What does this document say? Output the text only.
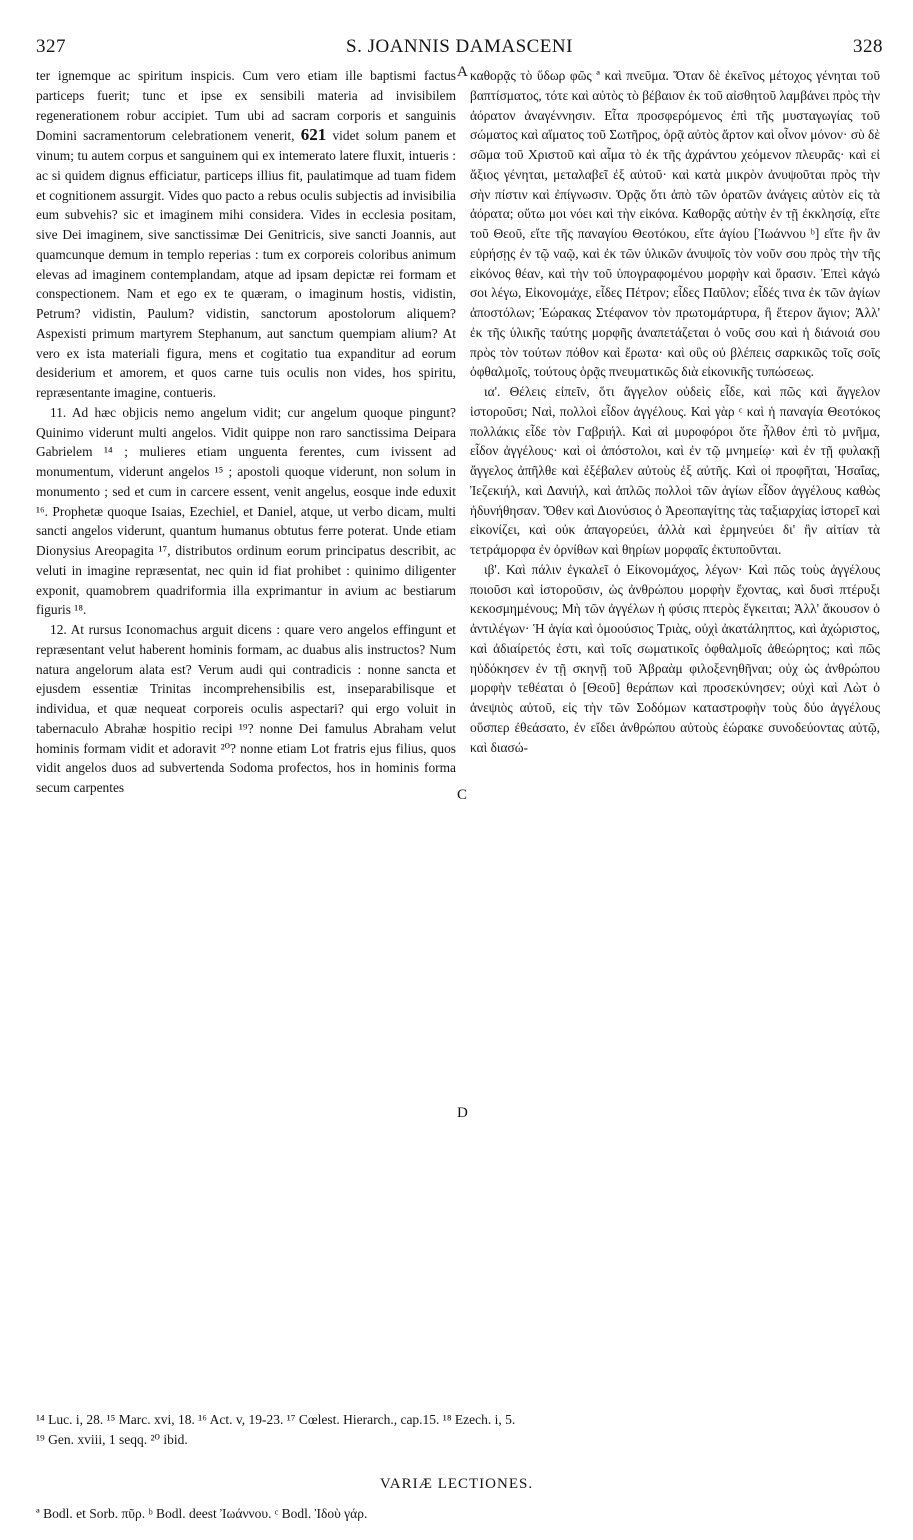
327	S. JOANNIS DAMASCENI	328

ter ignemque ac spiritum inspicis. Cum vero etiam ille baptismi factus particeps fuerit; tunc et ipse ex sensibili materia ad invisibilem regenerationem robur accipiet. Tum ubi ad sacram corporis et sanguinis Domini sacramentorum celebrationem venerit, 621 videt solum panem et vinum; tu autem corpus et sanguinem qui ex intemerato latere fluxit, intueris : ac si quidem dignus efficiatur, particeps illius fit, paulatimque ad tuam fidem et cognitionem assurgit. Vides quo pacto a rebus oculis subjectis ad invisibilia eum subvehis? sic et imaginem mihi considera. Vides in ecclesia positam, sive Dei imaginem, sive sanctissimæ Dei Genitricis, sive sancti Joannis, aut quamcunque demum in templo reperias : tum ex corporeis coloribus animum elevas ad imaginem contemplandam, atque ad ipsam depictæ rei formam et conspectionem. Nam et ego ex te quæram, o imaginum hostis, vidistin, Petrum? vidistin, Paulum? vidistin, sanctorum apostolorum aliquem? Aspexisti primum martyrem Stephanum, aut sanctum quempiam alium? At vero ex ista materiali figura, mens et cogitatio tua expanditur ad eorum desiderium et amorem, et quos carne tuis oculis non vides, hos spiritu, repræsentante imagine, contueris.

11. Ad hæc objicis nemo angelum vidit; cur angelum quoque pingunt? Quinimo viderunt multi angelos. Vidit quippe non raro sanctissima Deipara Gabrielem ¹⁴ ; mulieres etiam unguenta ferentes, cum ivissent ad monumentum, viderunt angelos ¹⁵ ; apostoli quoque viderunt, non solum in monumento ; sed et cum in carcere essent, venit angelus, eosque inde eduxit ¹⁶. Prophetæ quoque Isaias, Ezechiel, et Daniel, atque, ut verbo dicam, multi sancti angelos viderunt, quantum humanus obtutus ferre poterat. Unde etiam Dionysius Areopagita ¹⁷, distributos ordinum eorum principatus describit, ac veluti in imagine repræsentat, nec quin id fiat prohibet : quinimo diligenter exponit, quamobrem quadriformia illa exprimantur in avium ac bestiarum figuris ¹⁸.

12. At rursus Iconomachus arguit dicens : quare vero angelos effingunt et repræsentant velut haberent hominis formam, ac duabus alis instructos? Num natura angelorum alata est? Verum audi qui contradicis : nonne sancta et ejusdem essentiæ Trinitas incomprehensibilis est, inseparabilisque et individua, et quæ nequeat corporeis oculis aspectari? qui ergo voluit in tabernaculo Abrahæ hospitio recipi ¹⁹? nonne Dei famulus Abraham velut hominis formam vidit et adoravit ²⁰? nonne etiam Lot fratris ejus filius, quos vidit angelos duos ad subvertenda Sodoma profectos, hos in hominis forma secum carpentes

A
C
D

καθορᾷς τὸ ὕδωρ φῶς ª καὶ πνεῦμα. Ὅταν δὲ ἐκεῖνος μέτοχος γένηται τοῦ βαπτίσματος, τότε καὶ αὐτὸς τὸ βέβαιον ἐκ τοῦ αἰσθητοῦ λαμβάνει πρὸς τὴν ἀόρατον ἀναγέννησιν. Εἶτα προσφερόμενος ἐπὶ τῆς μυσταγωγίας τοῦ σώματος καὶ αἵματος τοῦ Σωτῆρος, ὁρᾷ αὐτὸς ἄρτον καὶ οἶνον μόνον· σὺ δὲ σῶμα τοῦ Χριστοῦ καὶ αἷμα τὸ ἐκ τῆς ἀχράντου χεόμενον πλευρᾶς· καὶ εἰ ἄξιος γένηται, μεταλαβεῖ ἐξ αὐτοῦ· καὶ κατὰ μικρὸν ἀνυψοῦται πρὸς τὴν σὴν πίστιν καὶ ἐπίγνωσιν. Ὁρᾷς ὅτι ἀπὸ τῶν ὁρατῶν ἀνάγεις αὐτὸν εἰς τὰ ἀόρατα; οὕτω μοι νόει καὶ τὴν εἰκόνα. Καθορᾷς αὐτὴν ἐν τῇ ἐκκλησίᾳ, εἴτε τοῦ Θεοῦ, εἴτε τῆς παναγίου Θεοτόκου, εἴτε ἁγίου [Ἰωάννου ᵇ] εἴτε ἣν ἂν εὑρήσῃς ἐν τῷ ναῷ, καὶ ἐκ τῶν ὑλικῶν ἀνυψοῖς τὸν νοῦν σου πρὸς τὴν τῆς εἰκόνος θέαν, καὶ τὴν τοῦ ὑπογραφομένου μορφὴν καὶ ὅρασιν. Ἐπεὶ κἀγώ σοι λέγω, Εἰκονομάχε, εἶδες Πέτρον; εἶδες Παῦλον; εἶδές τινα ἐκ τῶν ἁγίων ἀποστόλων; Ἑώρακας Στέφανον τὸν πρωτομάρτυρα, ἢ ἕτερον ἅγιον; Ἀλλ' ἐκ τῆς ὑλικῆς ταύτης μορφῆς ἀναπετάζεται ὁ νοῦς σου καὶ ἡ διάνοιά σου πρὸς τὸν τούτων πόθον καὶ ἔρωτα· καὶ οὓς οὐ βλέπεις σαρκικῶς τοῖς σοῖς ὀφθαλμοῖς, τούτους ὁρᾷς πνευματικῶς διὰ εἰκονικῆς τυπώσεως.

ια'. Θέλεις εἰπεῖν, ὅτι ἄγγελον οὐδεὶς εἶδε, καὶ πῶς καὶ ἄγγελον ἱστοροῦσι; Ναὶ, πολλοὶ εἶδον ἀγγέλους. Καὶ γὰρ ᶜ καὶ ἡ παναγία Θεοτόκος πολλάκις εἶδε τὸν Γαβριήλ. Καὶ αἱ μυροφόροι ὅτε ἦλθον ἐπὶ τὸ μνῆμα, εἶδον ἀγγέλους· καὶ οἱ ἀπόστολοι, καὶ ἐν τῷ μνημείῳ· καὶ ἐν τῇ φυλακῇ ἄγγελος ἀπῆλθε καὶ ἐξέβαλεν αὐτοὺς ἐξ αὐτῆς. Καὶ οἱ προφῆται, Ἡσαΐας, Ἰεζεκιήλ, καὶ Δανιήλ, καὶ ἁπλῶς πολλοὶ τῶν ἁγίων εἶδον ἀγγέλους καθὼς ἠδυνήθησαν. Ὅθεν καὶ Διονύσιος ὁ Ἀρεοπαγίτης τὰς ταξιαρχίας ἱστορεῖ καὶ εἰκονίζει, καὶ οὐκ ἀπαγορεύει, ἀλλὰ καὶ ἑρμηνεύει δι' ἣν αἰτίαν τὰ τετράμορφα ἐν ὀρνίθων καὶ θηρίων μορφαῖς ἐκτυποῦνται.

ιβ'. Καὶ πάλιν ἐγκαλεῖ ὁ Εἰκονομάχος, λέγων· Καὶ πῶς τοὺς ἀγγέλους ποιοῦσι καὶ ἱστοροῦσιν, ὡς ἀνθρώπου μορφὴν ἔχοντας, καὶ δυσὶ πτέρυξι κεκοσμημένους; Μὴ τῶν ἀγγέλων ἡ φύσις πτερὸς ἔγκειται; Ἀλλ' ἄκουσον ὁ ἀντιλέγων· Ἡ ἁγία καὶ ὁμοούσιος Τριὰς, οὐχὶ ἀκατάληπτος, καὶ ἀχώριστος, καὶ ἀδιαίρετός ἐστι, καὶ τοῖς σωματικοῖς ὀφθαλμοῖς ἀθεώρητος; καὶ πῶς ηὐδόκησεν ἐν τῇ σκηνῇ τοῦ Ἀβραὰμ φιλοξενηθῆναι; οὐχ ὡς ἀνθρώπου μορφὴν τεθέαται ὁ [Θεοῦ] θεράπων καὶ προσεκύνησεν; οὐχὶ καὶ Λὼτ ὁ ἀνεψιὸς αὐτοῦ, εἰς τὴν τῶν Σοδόμων καταστροφὴν τοὺς δύο ἀγγέλους οὕσπερ ἐθεάσατο, ἐν εἴδει ἀνθρώπου αὐτοὺς ἑώρακε συνοδεύοντας αὐτῷ, καὶ διασώ-

¹⁴ Luc. i, 28. ¹⁵ Marc. xvi, 18. ¹⁶ Act. v, 19-23. ¹⁷ Cœlest. Hierarch., cap.15. ¹⁸ Ezech. i, 5.
¹⁹ Gen. xviii, 1 seqq. ²⁰ ibid.
VARIÆ LECTIONES.
ª Bodl. et Sorb. πῦρ. ᵇ Bodl. deest Ἰωάννου. ᶜ Bodl. Ἰδοὺ γάρ.
